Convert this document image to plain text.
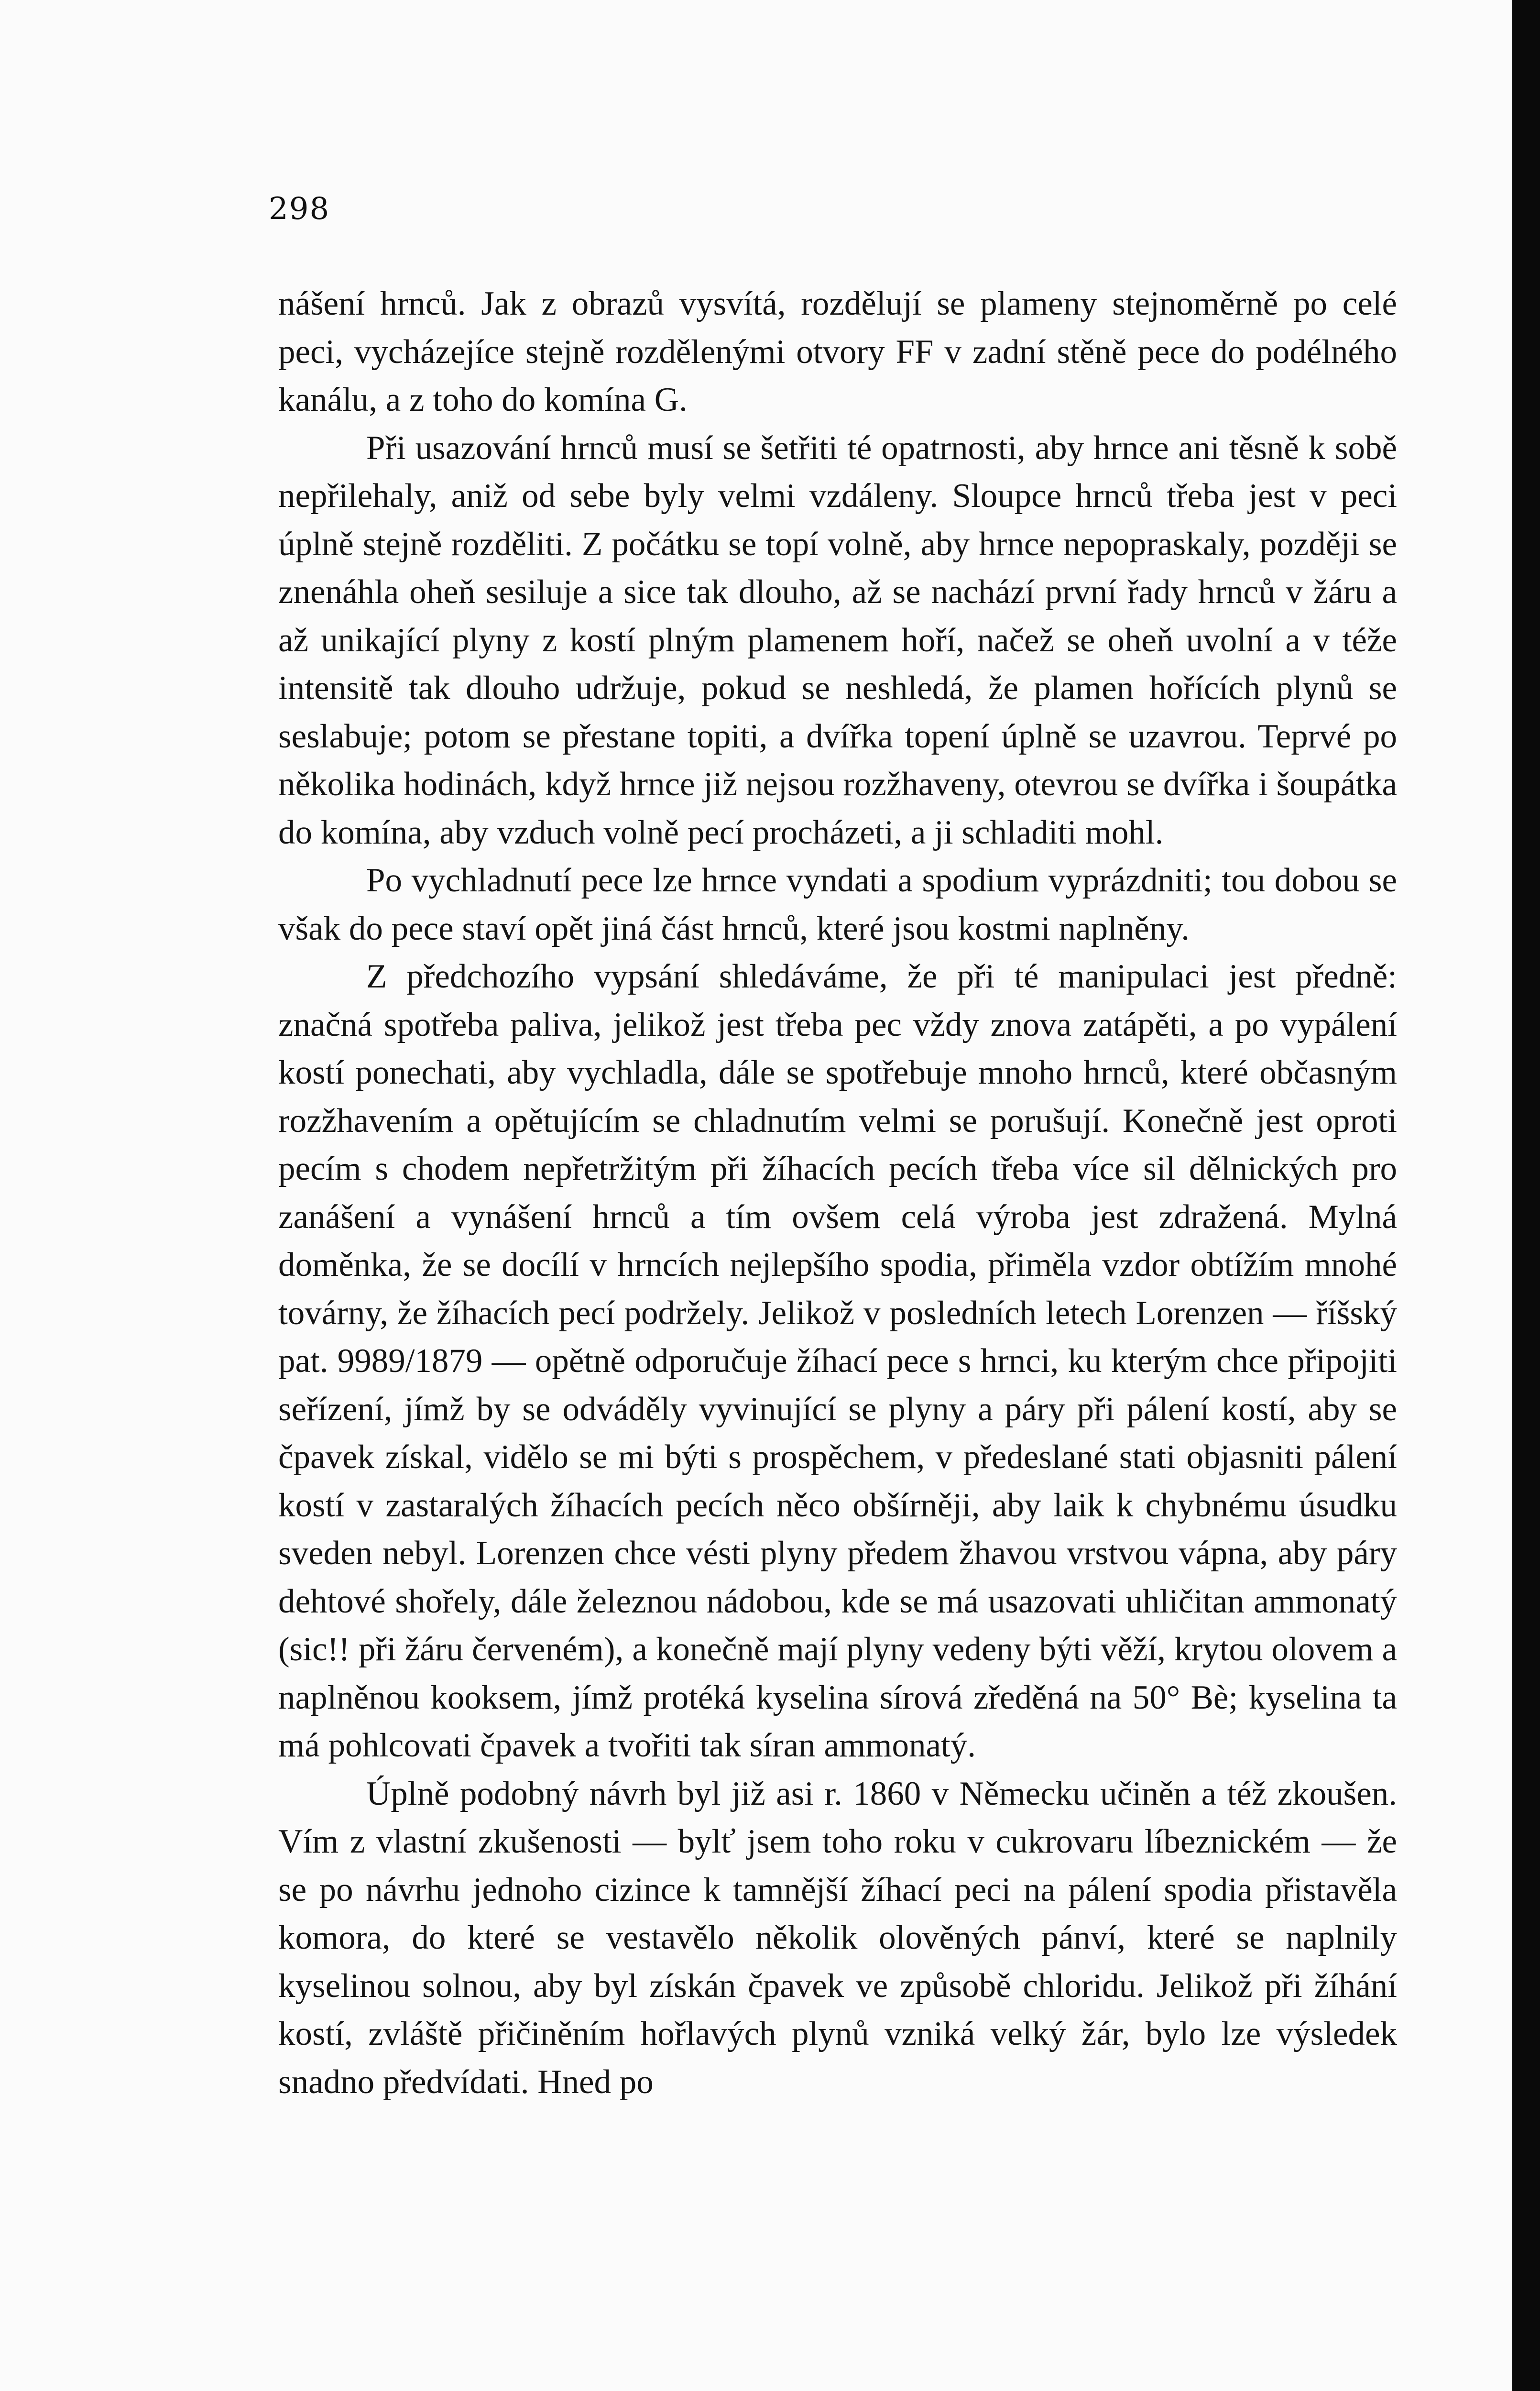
298

nášení hrnců. Jak z obrazů vysvítá, rozdělují se plameny stejnoměrně po celé peci, vycházejíce stejně rozdělenými otvory FF v zadní stěně pece do podélného kanálu, a z toho do komína G.

Při usazování hrnců musí se šetřiti té opatrnosti, aby hrnce ani těsně k sobě nepřilehaly, aniž od sebe byly velmi vzdáleny. Sloupce hrnců třeba jest v peci úplně stejně rozděliti. Z počátku se topí volně, aby hrnce nepopraskaly, později se znenáhla oheň sesiluje a sice tak dlouho, až se nachází první řady hrnců v žáru a až unikající plyny z kostí plným plamenem hoří, načež se oheň uvolní a v téže intensitě tak dlouho udržuje, pokud se neshledá, že plamen hořících plynů se seslabuje; potom se přestane topiti, a dvířka topení úplně se uzavrou. Teprvé po několika hodinách, když hrnce již nejsou rozžhaveny, otevrou se dvířka i šoupátka do komína, aby vzduch volně pecí procházeti, a ji schladiti mohl.

Po vychladnutí pece lze hrnce vyndati a spodium vyprázdniti; tou dobou se však do pece staví opět jiná část hrnců, které jsou kostmi naplněny.

Z předchozího vypsání shledáváme, že při té manipulaci jest předně: značná spotřeba paliva, jelikož jest třeba pec vždy znova zatápěti, a po vypálení kostí ponechati, aby vychladla, dále se spotřebuje mnoho hrnců, které občasným rozžhavením a opětujícím se chladnutím velmi se porušují. Konečně jest oproti pecím s chodem nepřetržitým při žíhacích pecích třeba více sil dělnických pro zanášení a vynášení hrnců a tím ovšem celá výroba jest zdražená. Mylná doměnka, že se docílí v hrncích nejlepšího spodia, přiměla vzdor obtížím mnohé továrny, že žíhacích pecí podržely. Jelikož v posledních letech Lorenzen — říšský pat. 9989/1879 — opětně odporučuje žíhací pece s hrnci, ku kterým chce připojiti seřízení, jímž by se odváděly vyvinující se plyny a páry při pálení kostí, aby se čpavek získal, vidělo se mi býti s prospěchem, v předeslané stati objasniti pálení kostí v zastaralých žíhacích pecích něco obšírněji, aby laik k chybnému úsudku sveden nebyl. Lorenzen chce vésti plyny předem žhavou vrstvou vápna, aby páry dehtové shořely, dále železnou nádobou, kde se má usazovati uhličitan ammonatý (sic!! při žáru červeném), a konečně mají plyny vedeny býti věží, krytou olovem a naplněnou kooksem, jímž protéká kyselina sírová zředěná na 50° Bè; kyselina ta má pohlcovati čpavek a tvořiti tak síran ammonatý.

Úplně podobný návrh byl již asi r. 1860 v Německu učiněn a též zkoušen. Vím z vlastní zkušenosti — bylť jsem toho roku v cukrovaru líbeznickém — že se po návrhu jednoho cizince k tamnější žíhací peci na pálení spodia přistavěla komora, do které se vestavělo několik olověných pánví, které se naplnily kyselinou solnou, aby byl získán čpavek ve způsobě chloridu. Jelikož při žíhání kostí, zvláště přičiněním hořlavých plynů vzniká velký žár, bylo lze výsledek snadno předvídati. Hned po
